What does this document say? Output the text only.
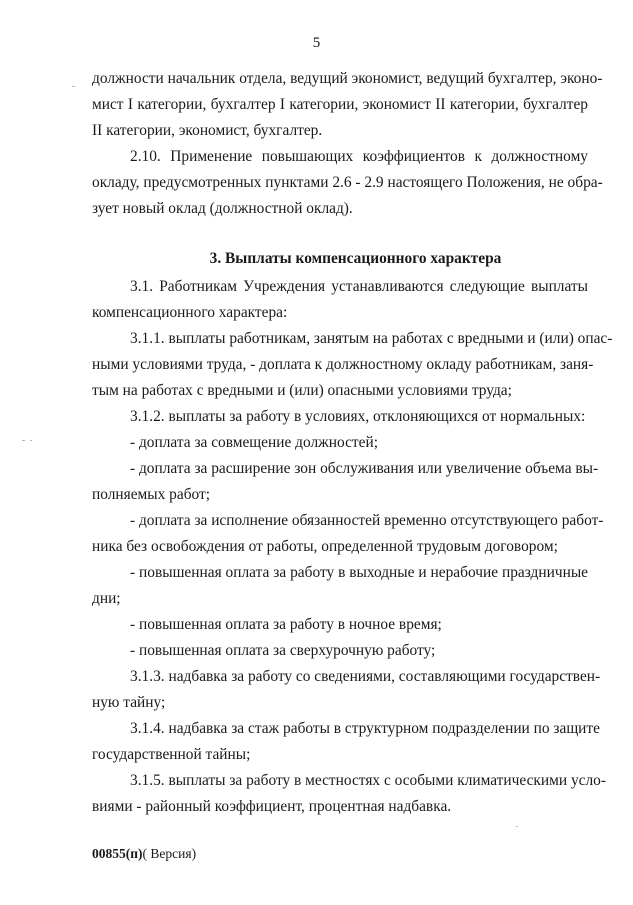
5
должности начальник отдела, ведущий экономист, ведущий бухгалтер, эконо-
мист I категории, бухгалтер I категории, экономист II категории, бухгалтер
II категории, экономист, бухгалтер.
2.10. Применение повышающих коэффициентов к должностному
окладу, предусмотренных пунктами 2.6 - 2.9 настоящего Положения, не обра-
зует новый оклад (должностной оклад).
3. Выплаты компенсационного характера
3.1. Работникам Учреждения устанавливаются следующие выплаты
компенсационного характера:
3.1.1. выплаты работникам, занятым на работах с вредными и (или) опас-
ными условиями труда, - доплата к должностному окладу работникам, заня-
тым на работах с вредными и (или) опасными условиями труда;
3.1.2. выплаты за работу в условиях, отклоняющихся от нормальных:
- доплата за совмещение должностей;
- доплата за расширение зон обслуживания или увеличение объема вы-
полняемых работ;
- доплата за исполнение обязанностей временно отсутствующего работ-
ника без освобождения от работы, определенной трудовым договором;
- повышенная оплата за работу в выходные и нерабочие праздничные
дни;
- повышенная оплата за работу в ночное время;
- повышенная оплата за сверхурочную работу;
3.1.3. надбавка за работу со сведениями, составляющими государствен-
ную тайну;
3.1.4. надбавка за стаж работы в структурном подразделении по защите
государственной тайны;
3.1.5. выплаты за работу в местностях с особыми климатическими усло-
виями - районный коэффициент, процентная надбавка.
00855(п)( Версия)
